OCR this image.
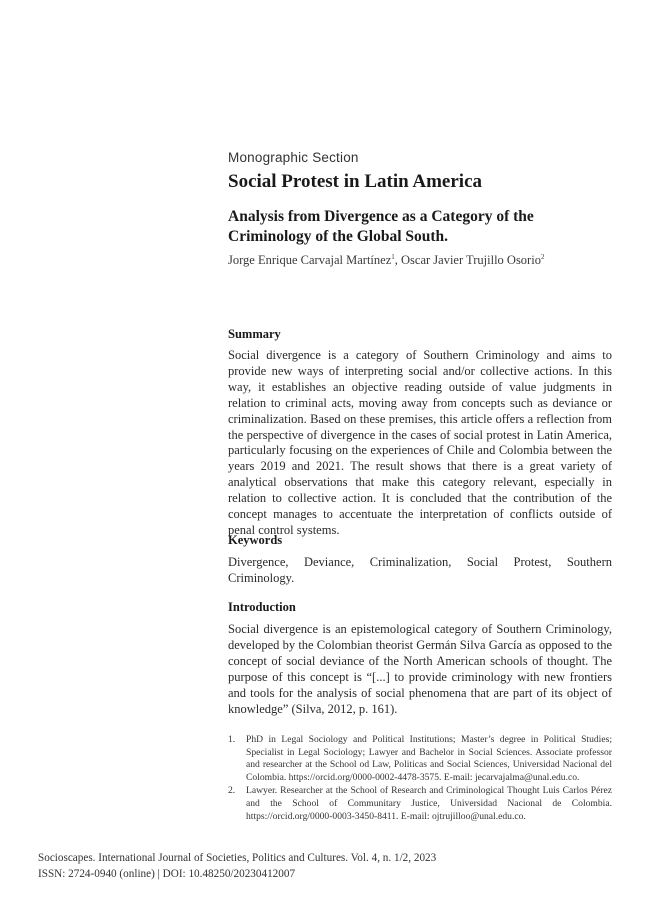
Monographic Section
Social Protest in Latin America
Analysis from Divergence as a Category of the Criminology of the Global South.
Jorge Enrique Carvajal Martínez$^1$, Oscar Javier Trujillo Osorio$^2$
Summary

Social divergence is a category of Southern Criminology and aims to provide new ways of interpreting social and/or collective actions. In this way, it establishes an objective reading outside of value judgments in relation to criminal acts, moving away from concepts such as deviance or criminalization. Based on these premises, this article offers a reflection from the perspective of divergence in the cases of social protest in Latin America, particularly focusing on the experiences of Chile and Colombia between the years 2019 and 2021. The result shows that there is a great variety of analytical observations that make this category relevant, especially in relation to collective action. It is concluded that the contribution of the concept manages to accentuate the interpretation of conflicts outside of penal control systems.

Keywords

Divergence, Deviance, Criminalization, Social Protest, Southern Criminology.

Introduction

Social divergence is an epistemological category of Southern Criminology, developed by the Colombian theorist Germán Silva García as opposed to the concept of social deviance of the North American schools of thought. The purpose of this concept is “[...] to provide criminology with new frontiers and tools for the analysis of social phenomena that are part of its object of knowledge” (Silva, 2012, p. 161).

1. PhD in Legal Sociology and Political Institutions; Master’s degree in Political Studies; Specialist in Legal Sociology; Lawyer and Bachelor in Social Sciences. Associate professor and researcher at the School od Law, Politicas and Social Sciences, Universidad Nacional del Colombia. https://orcid.org/0000-0002-4478-3575. E-mail: jecarvajalma@unal.edu.co.
2. Lawyer. Researcher at the School of Research and Criminological Thought Luis Carlos Pérez and the School of Communitary Justice, Universidad Nacional de Colombia. https://orcid.org/0000-0003-3450-8411. E-mail: ojtrujilloo@unal.edu.co.
Socioscapes. International Journal of Societies, Politics and Cultures. Vol. 4, n. 1/2, 2023
ISSN: 2724-0940 (online) | DOI: 10.48250/20230412007
